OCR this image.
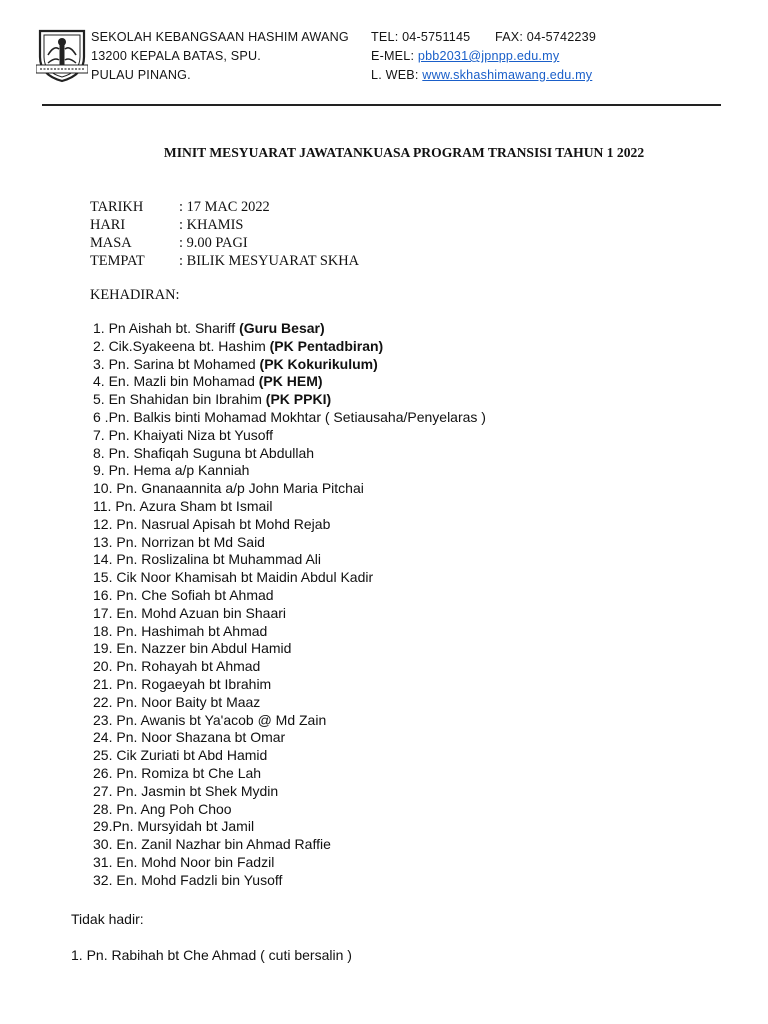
SEKOLAH KEBANGSAAN HASHIM AWANG
13200 KEPALA BATAS, SPU.
PULAU PINANG.
TEL: 04-5751145 FAX: 04-5742239
E-MEL: pbb2031@jpnpp.edu.my
L. WEB: www.skhashimawang.edu.my
MINIT MESYUARAT JAWATANKUASA PROGRAM TRANSISI TAHUN 1 2022
TARIKH	: 17 MAC 2022
HARI	: KHAMIS
MASA	: 9.00 PAGI
TEMPAT	: BILIK MESYUARAT SKHA
KEHADIRAN:
1. Pn Aishah bt. Shariff (Guru Besar)
2. Cik.Syakeena bt. Hashim (PK Pentadbiran)
3. Pn. Sarina bt Mohamed (PK Kokurikulum)
4. En. Mazli bin Mohamad (PK HEM)
5. En Shahidan bin Ibrahim (PK PPKI)
6 .Pn. Balkis binti Mohamad Mokhtar ( Setiausaha/Penyelaras )
7. Pn. Khaiyati Niza bt Yusoff
8. Pn. Shafiqah Suguna bt Abdullah
9. Pn. Hema a/p Kanniah
10. Pn. Gnanaannita a/p John Maria Pitchai
11. Pn. Azura Sham bt Ismail
12. Pn. Nasrual Apisah bt Mohd Rejab
13. Pn. Norrizan bt Md Said
14. Pn. Roslizalina bt Muhammad Ali
15. Cik Noor Khamisah bt Maidin Abdul Kadir
16. Pn. Che Sofiah bt Ahmad
17. En. Mohd Azuan bin Shaari
18. Pn. Hashimah bt Ahmad
19. En. Nazzer bin Abdul Hamid
20. Pn. Rohayah bt Ahmad
21. Pn. Rogaeyah bt Ibrahim
22. Pn. Noor Baity bt Maaz
23. Pn. Awanis bt Ya'acob @ Md Zain
24. Pn. Noor Shazana bt Omar
25. Cik Zuriati bt Abd Hamid
26. Pn. Romiza bt Che Lah
27. Pn. Jasmin bt Shek Mydin
28. Pn. Ang Poh Choo
29.Pn. Mursyidah bt Jamil
30. En. Zanil Nazhar bin Ahmad Raffie
31. En. Mohd Noor bin Fadzil
32. En. Mohd Fadzli bin Yusoff
Tidak hadir:
1. Pn. Rabihah bt Che Ahmad ( cuti bersalin )
